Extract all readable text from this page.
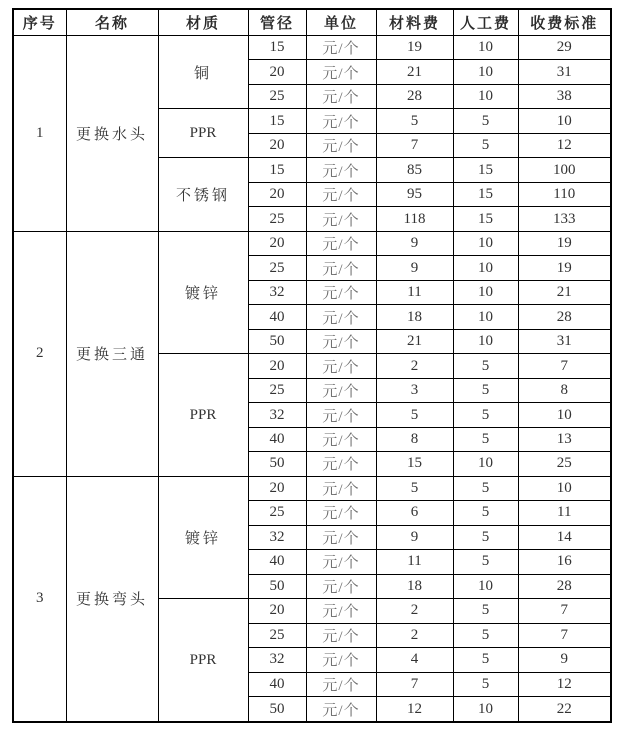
序号	名称	材质	管径	单位	材料费	人工费	收费标准
1	更换水头	铜	15	元/个	19	10	29
			20	元/个	21	10	31
			25	元/个	28	10	38
		PPR	15	元/个	5	5	10
			20	元/个	7	5	12
		不锈钢	15	元/个	85	15	100
			20	元/个	95	15	110
			25	元/个	118	15	133
2	更换三通	镀锌	20	元/个	9	10	19
			25	元/个	9	10	19
			32	元/个	11	10	21
			40	元/个	18	10	28
			50	元/个	21	10	31
		PPR	20	元/个	2	5	7
			25	元/个	3	5	8
			32	元/个	5	5	10
			40	元/个	8	5	13
			50	元/个	15	10	25
3	更换弯头	镀锌	20	元/个	5	5	10
			25	元/个	6	5	11
			32	元/个	9	5	14
			40	元/个	11	5	16
			50	元/个	18	10	28
		PPR	20	元/个	2	5	7
			25	元/个	2	5	7
			32	元/个	4	5	9
			40	元/个	7	5	12
			50	元/个	12	10	22
